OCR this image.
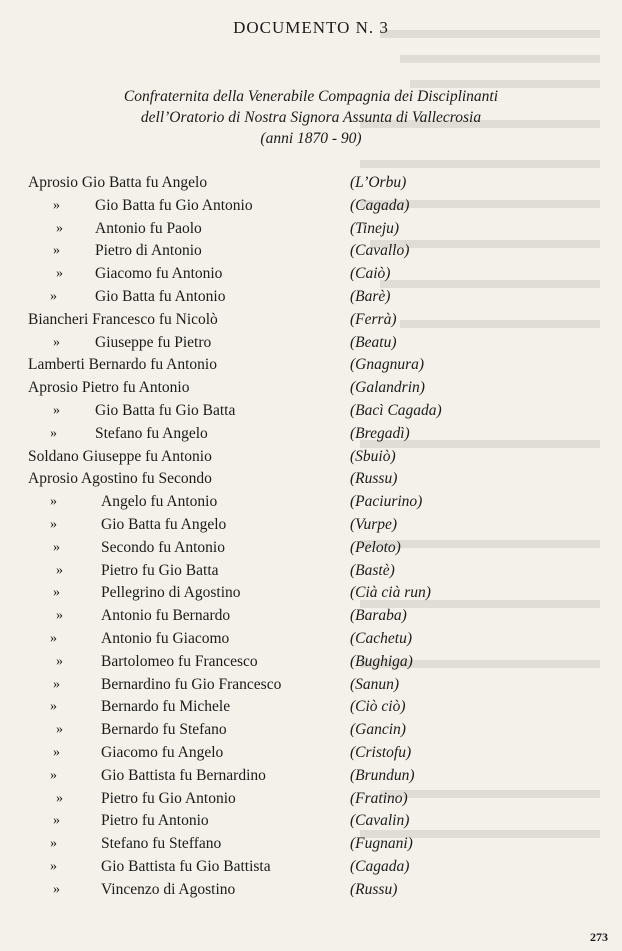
DOCUMENTO N. 3
Confraternita della Venerabile Compagnia dei Disciplinanti
dell’Oratorio di Nostra Signora Assunta di Vallecrosia
(anni 1870 - 90)
Aprosio Gio Batta fu Angelo	(L’Orbu)
» Gio Batta fu Gio Antonio	(Cagada)
» Antonio fu Paolo	(Tineju)
» Pietro di Antonio	(Cavallo)
» Giacomo fu Antonio	(Caiò)
» Gio Batta fu Antonio	(Barè)
Biancheri Francesco fu Nicolò	(Ferrà)
» Giuseppe fu Pietro	(Beatu)
Lamberti Bernardo fu Antonio	(Gnagnura)
Aprosio Pietro fu Antonio	(Galandrin)
» Gio Batta fu Gio Batta	(Bacì Cagada)
» Stefano fu Angelo	(Bregadì)
Soldano Giuseppe fu Antonio	(Sbuiò)
Aprosio Agostino fu Secondo	(Russu)
»	Angelo fu Antonio	(Paciurino)
»	Gio Batta fu Angelo	(Vurpe)
»	Secondo fu Antonio	(Peloto)
» Pietro fu Gio Batta	(Bastè)
»	Pellegrino di Agostino	(Cià cià run)
» Antonio fu Bernardo	(Baraba)
»	Antonio fu Giacomo	(Cachetu)
» Bartolomeo fu Francesco	(Bughiga)
»	Bernardino fu Gio Francesco	(Sanun)
»	Bernardo fu Michele	(Ciò ciò)
» Bernardo fu Stefano	(Gancin)
»	Giacomo fu Angelo	(Cristofu)
»	Gio Battista fu Bernardino	(Brundun)
» Pietro fu Gio Antonio	(Fratino)
»	Pietro fu Antonio	(Cavalin)
»	Stefano fu Steffano	(Fugnani)
»	Gio Battista fu Gio Battista	(Cagada)
»	Vincenzo di Agostino	(Russu)
273
